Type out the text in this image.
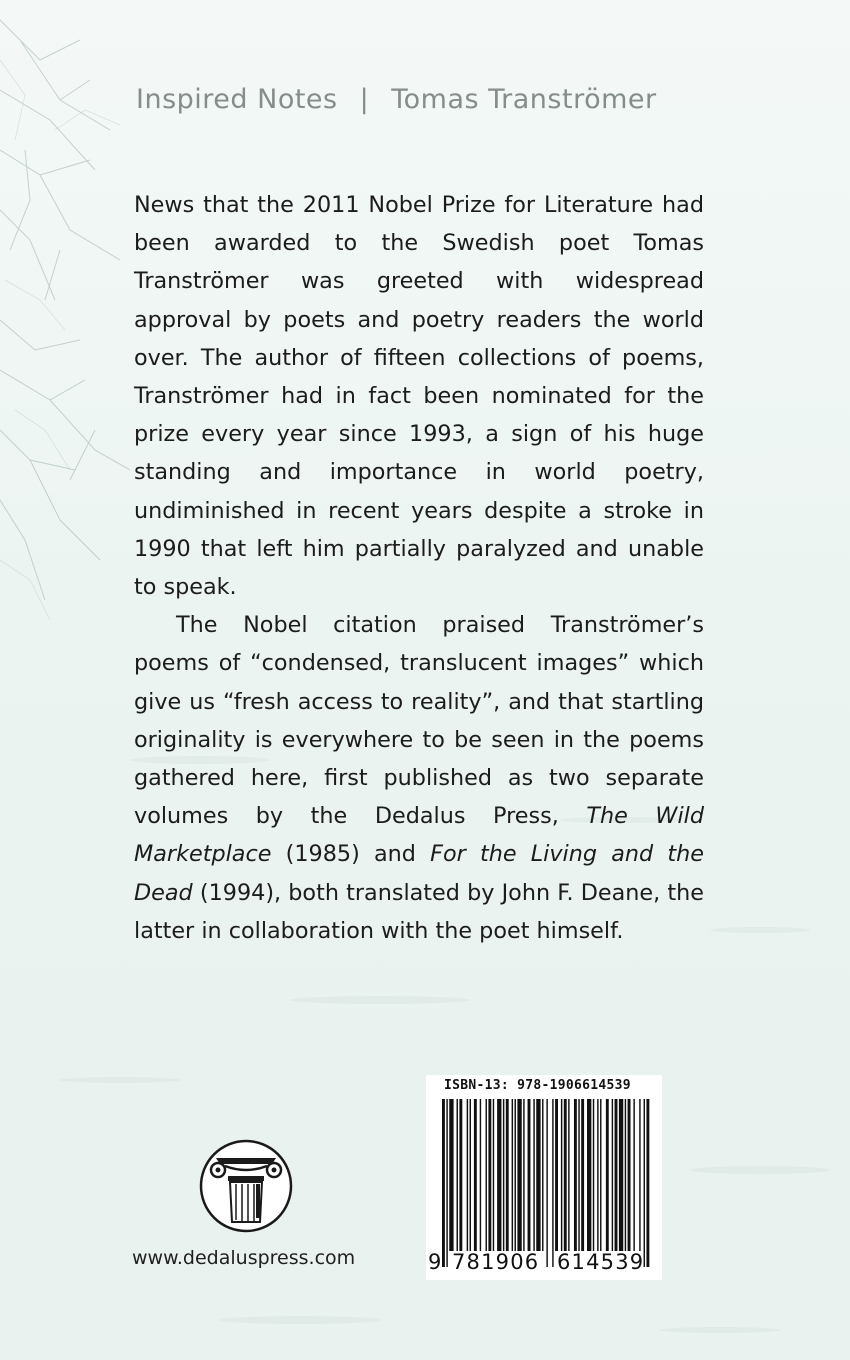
Inspired Notes | Tomas Tranströmer

News that the 2011 Nobel Prize for Literature had been awarded to the Swedish poet Tomas Tranströmer was greeted with widespread approval by poets and poetry readers the world over. The author of fifteen collections of poems, Tranströmer had in fact been nominated for the prize every year since 1993, a sign of his huge standing and importance in world poetry, undiminished in recent years despite a stroke in 1990 that left him partially paralyzed and unable to speak.

The Nobel citation praised Tranströmer’s poems of “condensed, translucent images” which give us “fresh access to reality”, and that startling originality is everywhere to be seen in the poems gathered here, first published as two separate volumes by the Dedalus Press, The Wild Marketplace (1985) and For the Living and the Dead (1994), both translated by John F. Deane, the latter in collaboration with the poet himself.

www.dedaluspress.com
ISBN-13: 978-1906614539
9 781906 614539
